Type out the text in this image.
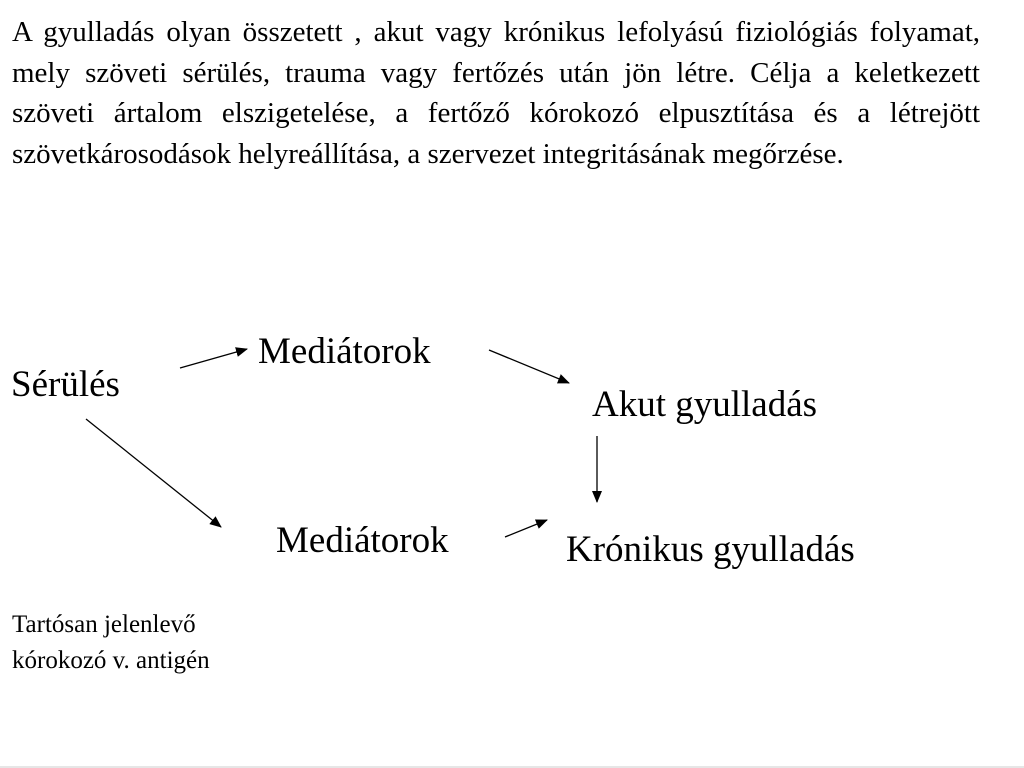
A gyulladás olyan összetett , akut vagy krónikus lefolyású fiziológiás folyamat, mely szöveti sérülés, trauma vagy fertőzés után jön létre. Célja a keletkezett szöveti ártalom elszigetelése, a fertőző kórokozó elpusztítása és a létrejött szövetkárosodások helyreállítása, a szervezet integritásának megőrzése.

Sérülés
Mediátorok
Akut gyulladás
Mediátorok	Krónikus gyulladás

Tartósan jelenlevő
kórokozó v. antigén
